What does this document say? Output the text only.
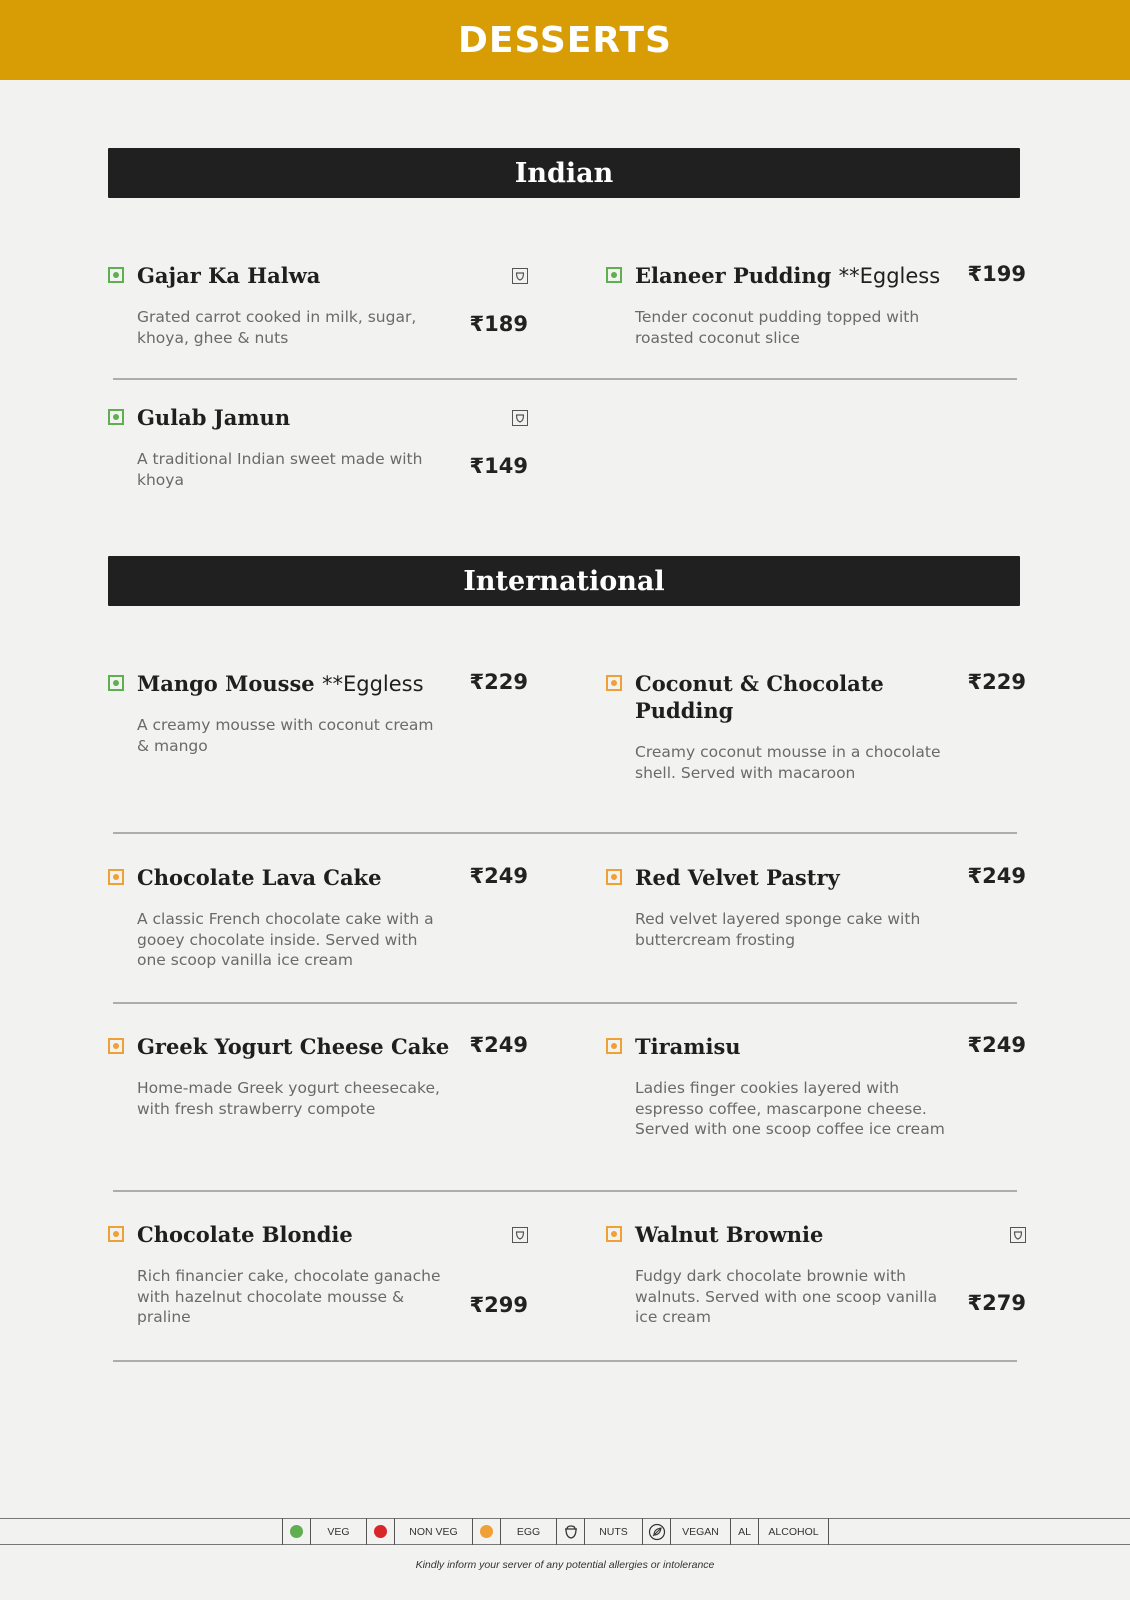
DESSERTS
Indian
Gajar Ka Halwa
Grated carrot cooked in milk, sugar, khoya, ghee & nuts
₹189
Elaneer Pudding **Eggless
Tender coconut pudding topped with roasted coconut slice
₹199
Gulab Jamun
A traditional Indian sweet made with khoya
₹149
International
Mango Mousse **Eggless
A creamy mousse with coconut cream & mango
₹229	Coconut & Chocolate Pudding
Creamy coconut mousse in a chocolate shell. Served with macaroon
₹229
Chocolate Lava Cake
A classic French chocolate cake with a gooey chocolate inside. Served with one scoop vanilla ice cream
₹249	Red Velvet Pastry
Red velvet layered sponge cake with buttercream frosting
₹249
Greek Yogurt Cheese Cake
Home-made Greek yogurt cheesecake, with fresh strawberry compote
₹249	Tiramisu
Ladies finger cookies layered with espresso coffee, mascarpone cheese. Served with one scoop coffee ice cream
₹249
Chocolate Blondie
Rich financier cake, chocolate ganache with hazelnut chocolate mousse & praline	₹299
Walnut Brownie
Fudgy dark chocolate brownie with walnuts. Served with one scoop vanilla ice cream
₹279
VEG	NON VEG	EGG	NUTS	VEGAN	AL	ALCOHOL
Kindly inform your server of any potential allergies or intolerance
